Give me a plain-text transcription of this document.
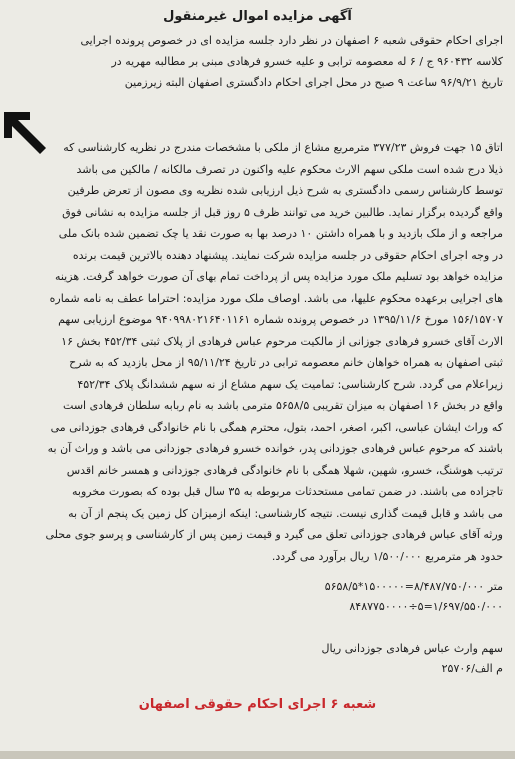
آگهی مزایده اموال غیرمنقول

اجرای احکام حقوقی شعبه ۶ اصفهان در نظر دارد جلسه مزایده ای در خصوص پرونده اجرایی

کلاسه ۹۶۰۴۳۲ ج / ۶ له معصومه ترابی و علیه خسرو فرهادی مبنی بر مطالبه مهریه در

تاریخ ۹۶/۹/۲۱ ساعت ۹ صبح در محل اجرای احکام دادگستری اصفهان البته زیرزمین

اتاق ۱۵ جهت فروش ۳۷۷/۲۳ مترمربع مشاع از ملکی با مشخصات مندرج در نظریه کارشناسی که

ذیلا درج شده است ملکی سهم الارث محکوم علیه واکنون در تصرف مالکانه / مالکین می باشد

توسط کارشناس رسمی دادگستری به شرح ذیل ارزیابی شده نظریه وی مصون از تعرض طرفین

واقع گردیده برگزار نماید. طالبین خرید می توانند ظرف ۵ روز قبل از جلسه مزایده به نشانی فوق

مراجعه و از ملک بازدید و با همراه داشتن ۱۰ درصد بها به صورت نقد یا چک تضمین شده بانک ملی

در وجه اجرای احکام حقوقی در جلسه مزایده شرکت نمایند. پیشنهاد دهنده بالاترین قیمت برنده

مزایده خواهد بود تسلیم ملک مورد مزایده پس از پرداخت تمام بهای آن صورت خواهد گرفت. هزینه

های اجرایی برعهده محکوم علیها، می باشد. اوصاف ملک مورد مزایده: احتراما عطف به نامه شماره

۱۵۶/۱۵۷۰۷ مورخ ۱۳۹۵/۱۱/۶ در خصوص پرونده شماره ۹۴۰۹۹۸۰۲۱۶۴۰۱۱۶۱ موضوع ارزیابی سهم

الارث آقای خسرو فرهادی جوزانی از مالکیت مرحوم عباس فرهادی از پلاک ثبتی ۴۵۲/۳۴ بخش ۱۶

ثبتی اصفهان به همراه خواهان خانم معصومه ترابی در تاریخ ۹۵/۱۱/۲۴ از محل بازدید که به شرح

زیراعلام می گردد. شرح کارشناسی: تمامیت یک سهم مشاع از نه سهم ششدانگ پلاک ۴۵۲/۳۴

واقع در بخش ۱۶ اصفهان به میزان تقریبی ۵۶۵۸/۵ مترمی باشد به نام ربابه سلطان فرهادی است

که وراث ایشان عباسی، اکبر، اصغر، احمد، بتول، محترم همگی با نام خانوادگی فرهادی جوزدانی می

باشند که مرحوم عباس فرهادی جوزدانی پدر، خوانده خسرو فرهادی جوزدانی می باشد و وراث آن به

ترتیب هوشنگ، خسرو، شهین، شهلا همگی با نام خانوادگی فرهادی جوزدانی و همسر خانم اقدس

تاجزاده می باشند. در ضمن تمامی مستحدثات مربوطه به ۳۵ سال قبل بوده که بصورت مخروبه

می باشد و قابل قیمت گذاری نیست. نتیجه کارشناسی: اینکه ازمیزان کل زمین یک پنجم از آن به

ورثه آقای عباس فرهادی جوزدانی تعلق می گیرد و قیمت زمین پس از کارشناسی و پرسو جوی محلی

حدود هر مترمربع ۱/۵۰۰/۰۰۰ ریال برآورد می گردد.

۵۶۵۸/۵*۱۵۰۰۰۰۰=۸/۴۸۷/۷۵۰/۰۰۰ متر
۸۴۸۷۷۵۰۰۰۰÷۵=۱/۶۹۷/۵۵۰/۰۰۰
سهم وارث عباس فرهادی جوزدانی ریال
م الف/۲۵۷۰۶
شعبه ۶ اجرای احکام حقوقی اصفهان
